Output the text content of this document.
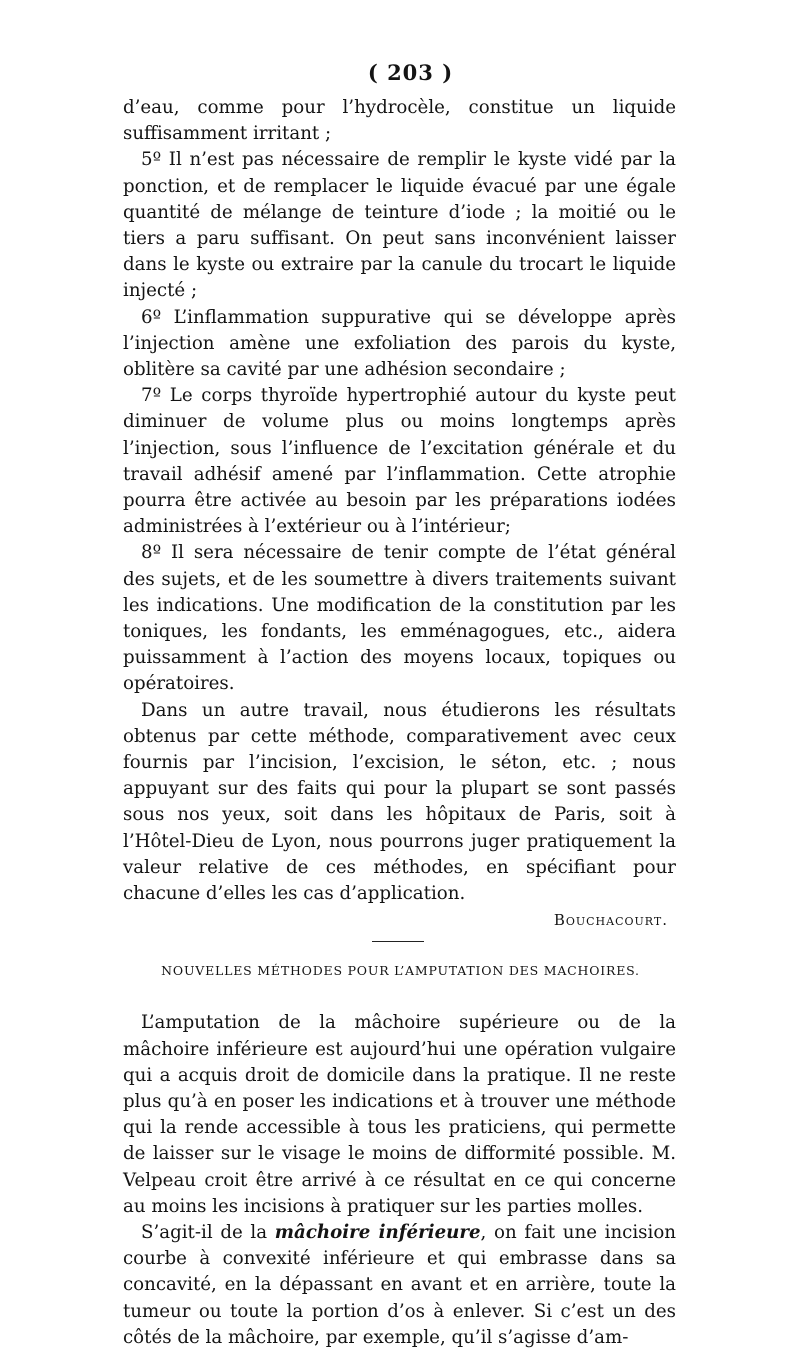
( 203 )

d’eau, comme pour l’hydrocèle, constitue un liquide suffisamment irritant ;

5º Il n’est pas nécessaire de remplir le kyste vidé par la ponction, et de remplacer le liquide évacué par une égale quantité de mélange de teinture d’iode ; la moitié ou le tiers a paru suffisant. On peut sans inconvénient laisser dans le kyste ou extraire par la canule du trocart le liquide injecté ;

6º L’inflammation suppurative qui se développe après l’injection amène une exfoliation des parois du kyste, oblitère sa cavité par une adhésion secondaire ;

7º Le corps thyroïde hypertrophié autour du kyste peut diminuer de volume plus ou moins longtemps après l’injection, sous l’influence de l’excitation générale et du travail adhésif amené par l’inflammation. Cette atrophie pourra être activée au besoin par les préparations iodées administrées à l’extérieur ou à l’intérieur;

8º Il sera nécessaire de tenir compte de l’état général des sujets, et de les soumettre à divers traitements suivant les indications. Une modification de la constitution par les toniques, les fondants, les emménagogues, etc., aidera puissamment à l’action des moyens locaux, topiques ou opératoires.

Dans un autre travail, nous étudierons les résultats obtenus par cette méthode, comparativement avec ceux fournis par l’incision, l’excision, le séton, etc. ; nous appuyant sur des faits qui pour la plupart se sont passés sous nos yeux, soit dans les hôpitaux de Paris, soit à l’Hôtel-Dieu de Lyon, nous pourrons juger pratiquement la valeur relative de ces méthodes, en spécifiant pour chacune d’elles les cas d’application.

Bouchacourt.

NOUVELLES MÉTHODES POUR L’AMPUTATION DES MACHOIRES.

L’amputation de la mâchoire supérieure ou de la mâchoire inférieure est aujourd’hui une opération vulgaire qui a acquis droit de domicile dans la pratique. Il ne reste plus qu’à en poser les indications et à trouver une méthode qui la rende accessible à tous les praticiens, qui permette de laisser sur le visage le moins de difformité possible. M. Velpeau croit être arrivé à ce résultat en ce qui concerne au moins les incisions à pratiquer sur les parties molles.

S’agit-il de la mâchoire inférieure, on fait une incision courbe à convexité inférieure et qui embrasse dans sa concavité, en la dépassant en avant et en arrière, toute la tumeur ou toute la portion d’os à enlever. Si c’est un des côtés de la mâchoire, par exemple, qu’il s’agisse d’am-
